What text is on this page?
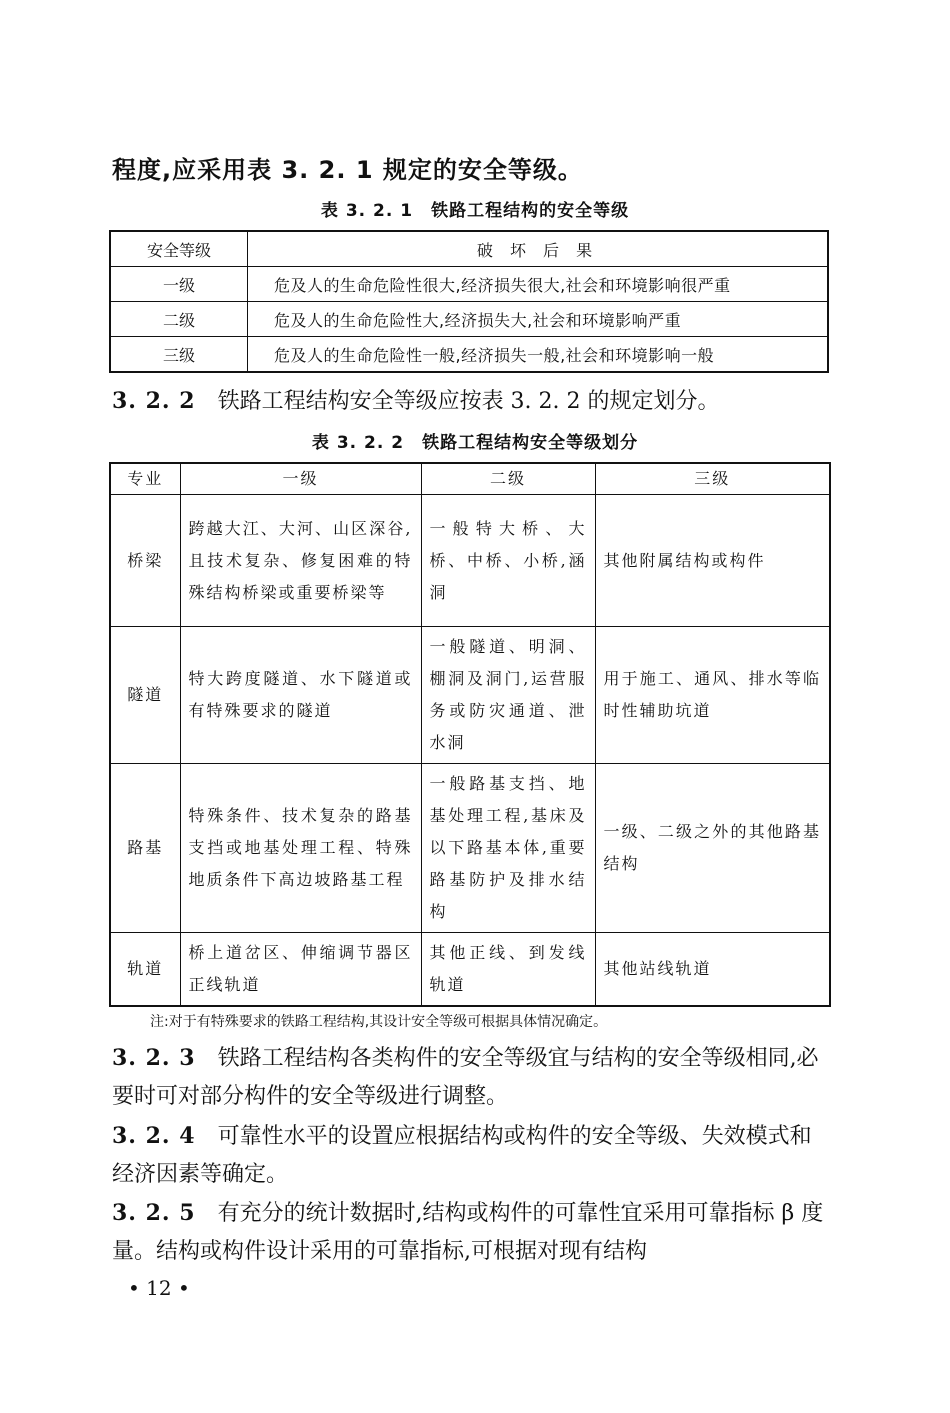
程度,应采用表 3. 2. 1 规定的安全等级。
表 3. 2. 1 铁路工程结构的安全等级
安全等级	破 坏 后 果
一级	危及人的生命危险性很大,经济损失很大,社会和环境影响很严重
二级	危及人的生命危险性大,经济损失大,社会和环境影响严重
三级	危及人的生命危险性一般,经济损失一般,社会和环境影响一般
3. 2. 2 铁路工程结构安全等级应按表 3. 2. 2 的规定划分。
表 3. 2. 2 铁路工程结构安全等级划分
专业	一级	二级	三级
桥梁	跨越大江、大河、山区深谷,且技术复杂、修复困难的特殊结构桥梁或重要桥梁等	一般特大桥、大桥、中桥、小桥,涵洞	其他附属结构或构件
隧道	特大跨度隧道、水下隧道或有特殊要求的隧道	一般隧道、明洞、棚洞及洞门,运营服务或防灾通道、泄水洞	用于施工、通风、排水等临时性辅助坑道
路基	特殊条件、技术复杂的路基支挡或地基处理工程、特殊地质条件下高边坡路基工程	一般路基支挡、地基处理工程,基床及以下路基本体,重要路基防护及排水结构	一级、二级之外的其他路基结构
轨道	桥上道岔区、伸缩调节器区正线轨道	其他正线、到发线轨道	其他站线轨道
注:对于有特殊要求的铁路工程结构,其设计安全等级可根据具体情况确定。
3. 2. 3 铁路工程结构各类构件的安全等级宜与结构的安全等级相同,必要时可对部分构件的安全等级进行调整。
3. 2. 4 可靠性水平的设置应根据结构或构件的安全等级、失效模式和经济因素等确定。
3. 2. 5 有充分的统计数据时,结构或构件的可靠性宜采用可靠指标 β 度量。结构或构件设计采用的可靠指标,可根据对现有结构
• 12 •
